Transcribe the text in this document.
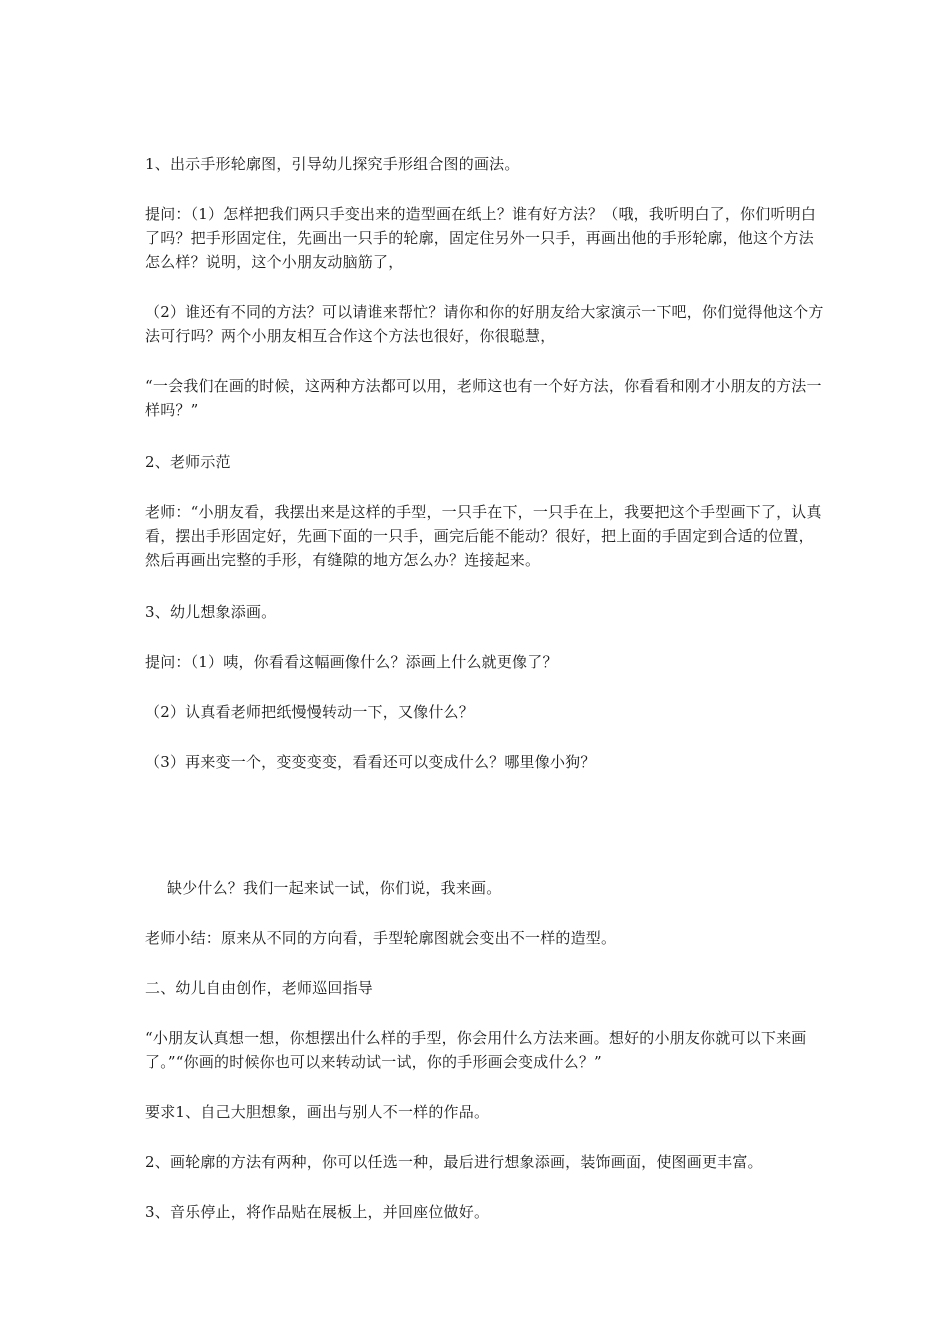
1、出示手形轮廓图，引导幼儿探究手形组合图的画法。

提问：（1）怎样把我们两只手变出来的造型画在纸上？谁有好方法？（哦，我听明白了，你们听明白了吗？把手形固定住，先画出一只手的轮廓，固定住另外一只手，再画出他的手形轮廓，他这个方法怎么样？说明，这个小朋友动脑筋了，

（2）谁还有不同的方法？可以请谁来帮忙？请你和你的好朋友给大家演示一下吧，你们觉得他这个方法可行吗？两个小朋友相互合作这个方法也很好，你很聪慧，

“一会我们在画的时候，这两种方法都可以用，老师这也有一个好方法，你看看和刚才小朋友的方法一样吗？”

2、老师示范

老师：“小朋友看，我摆出来是这样的手型，一只手在下，一只手在上，我要把这个手型画下了，认真看，摆出手形固定好，先画下面的一只手，画完后能不能动？很好，把上面的手固定到合适的位置，然后再画出完整的手形，有缝隙的地方怎么办？连接起来。

3、幼儿想象添画。

提问：（1）咦，你看看这幅画像什么？添画上什么就更像了？

（2）认真看老师把纸慢慢转动一下，又像什么？

（3）再来变一个，变变变变，看看还可以变成什么？哪里像小狗？

缺少什么？我们一起来试一试，你们说，我来画。

老师小结：原来从不同的方向看，手型轮廓图就会变出不一样的造型。

二、幼儿自由创作，老师巡回指导

“小朋友认真想一想，你想摆出什么样的手型，你会用什么方法来画。想好的小朋友你就可以下来画了。”“你画的时候你也可以来转动试一试，你的手形画会变成什么？”

要求1、自己大胆想象，画出与别人不一样的作品。

2、画轮廓的方法有两种，你可以任选一种，最后进行想象添画，装饰画面，使图画更丰富。

3、音乐停止，将作品贴在展板上，并回座位做好。
